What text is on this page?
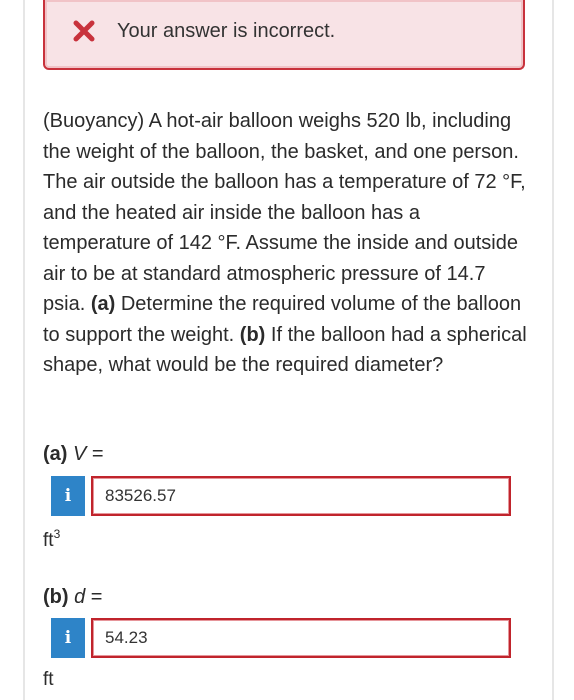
Your answer is incorrect.
(Buoyancy) A hot-air balloon weighs 520 lb, including the weight of the balloon, the basket, and one person. The air outside the balloon has a temperature of 72 °F, and the heated air inside the balloon has a temperature of 142 °F. Assume the inside and outside air to be at standard atmospheric pressure of 14.7 psia. (a) Determine the required volume of the balloon to support the weight. (b) If the balloon had a spherical shape, what would be the required diameter?
(a) V =
i	83526.57
$ft^3$
(b) d =
i	54.23
ft
